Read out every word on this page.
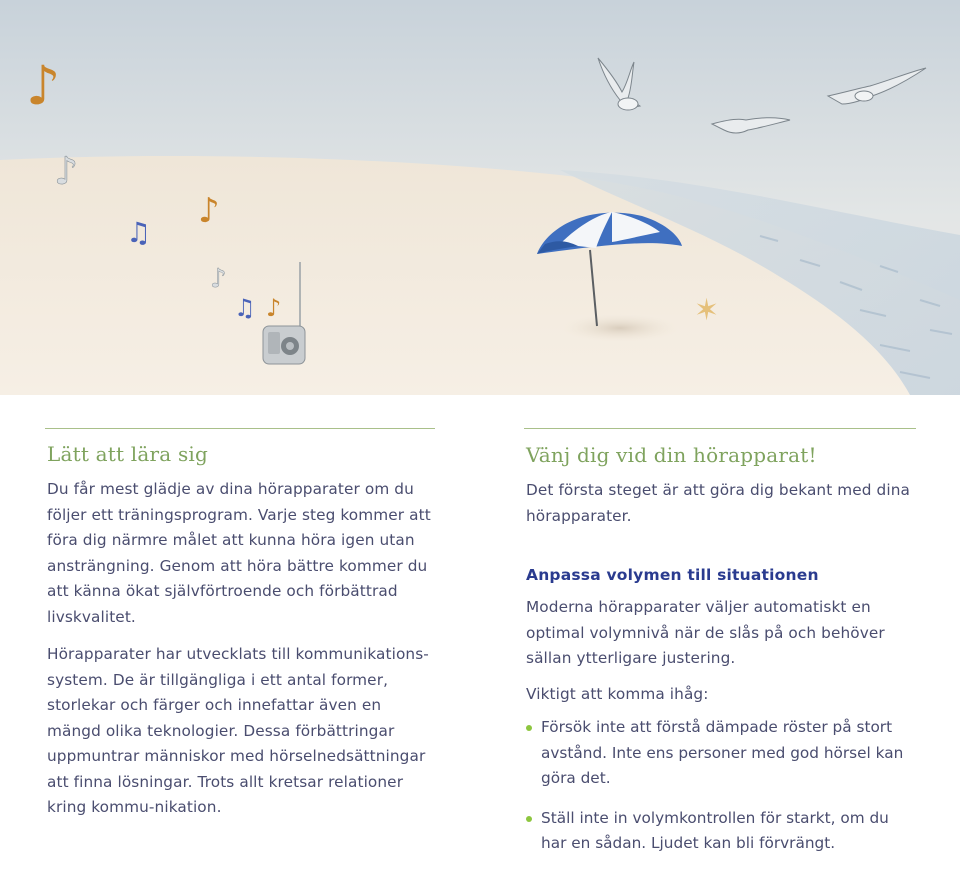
♪
♪
♪
♫
♪
♫ ♪	✶
Lätt att lära sig

Du får mest glädje av dina hörapparater om du följer ett träningsprogram. Varje steg kommer att föra dig närmre målet att kunna höra igen utan ansträngning. Genom att höra bättre kommer du att känna ökat självförtroende och förbättrad livskvalitet.

Hörapparater har utvecklats till kommunikations-system. De är tillgängliga i ett antal former, storlekar och färger och innefattar även en mängd olika teknologier. Dessa förbättringar uppmuntrar människor med hörselnedsättningar att finna lösningar. Trots allt kretsar relationer kring kommu-nikation.

Vänj dig vid din hörapparat!

Det första steget är att göra dig bekant med dina hörapparater.

Anpassa volymen till situationen

Moderna hörapparater väljer automatiskt en optimal volymnivå när de slås på och behöver sällan ytterligare justering.

Viktigt att komma ihåg:

Försök inte att förstå dämpade röster på stort avstånd. Inte ens personer med god hörsel kan göra det.
Ställ inte in volymkontrollen för starkt, om du har en sådan. Ljudet kan bli förvrängt.
